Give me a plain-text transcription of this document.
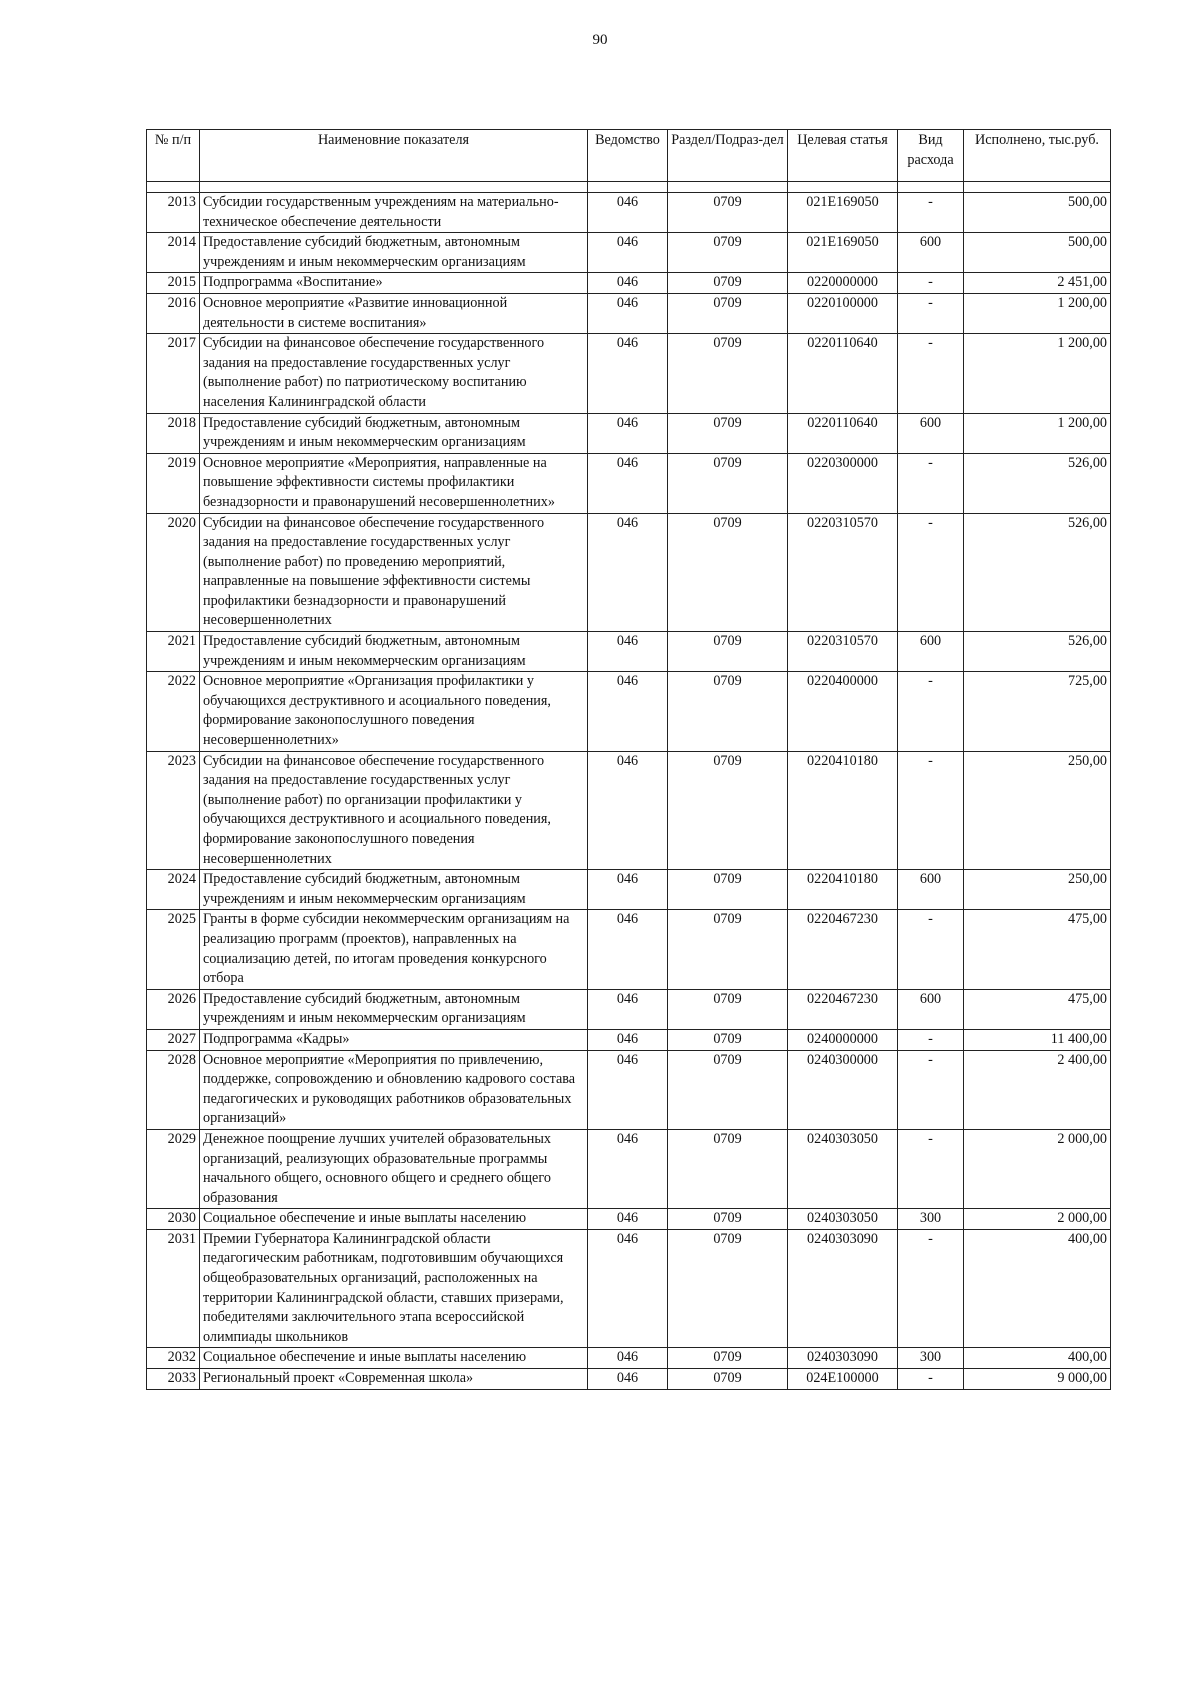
90
№ п/п	Наименовние показателя	Ведомство	Раздел/Подраз-дел	Целевая статья	Вид расхода	Исполнено, тыс.руб.

2013	Субсидии государственным учреждениям на материально-техническое обеспечение деятельности	046	0709	021E169050	-	500,00
2014	Предоставление субсидий бюджетным, автономным учреждениям и иным некоммерческим организациям	046	0709	021E169050	600	500,00
2015	Подпрограмма «Воспитание»	046	0709	0220000000	-	2 451,00
2016	Основное мероприятие «Развитие инновационной деятельности в системе воспитания»	046	0709	0220100000	-	1 200,00
2017	Субсидии на финансовое обеспечение государственного задания на предоставление государственных услуг (выполнение работ) по патриотическому воспитанию населения Калининградской области	046	0709	0220110640	-	1 200,00
2018	Предоставление субсидий бюджетным, автономным учреждениям и иным некоммерческим организациям	046	0709	0220110640	600	1 200,00
2019	Основное мероприятие «Мероприятия, направленные на повышение эффективности системы профилактики безнадзорности и правонарушений несовершеннолетних»	046	0709	0220300000	-	526,00
2020	Субсидии на финансовое обеспечение государственного задания на предоставление государственных услуг (выполнение работ) по проведению мероприятий, направленные на повышение эффективности системы профилактики безнадзорности и правонарушений несовершеннолетних	046	0709	0220310570	-	526,00
2021	Предоставление субсидий бюджетным, автономным учреждениям и иным некоммерческим организациям	046	0709	0220310570	600	526,00
2022	Основное мероприятие «Организация профилактики у обучающихся деструктивного и асоциального поведения, формирование законопослушного поведения несовершеннолетних»	046	0709	0220400000	-	725,00
2023	Субсидии на финансовое обеспечение государственного задания на предоставление государственных услуг (выполнение работ) по организации профилактики у обучающихся деструктивного и асоциального поведения, формирование законопослушного поведения несовершеннолетних	046	0709	0220410180	-	250,00
2024	Предоставление субсидий бюджетным, автономным учреждениям и иным некоммерческим организациям	046	0709	0220410180	600	250,00
2025	Гранты в форме субсидии некоммерческим организациям на реализацию программ (проектов), направленных на социализацию детей, по итогам проведения конкурсного отбора	046	0709	0220467230	-	475,00
2026	Предоставление субсидий бюджетным, автономным учреждениям и иным некоммерческим организациям	046	0709	0220467230	600	475,00
2027	Подпрограмма «Кадры»	046	0709	0240000000	-	11 400,00
2028	Основное мероприятие «Мероприятия по привлечению, поддержке, сопровождению и обновлению кадрового состава педагогических и руководящих работников образовательных организаций»	046	0709	0240300000	-	2 400,00
2029	Денежное поощрение лучших учителей образовательных организаций, реализующих образовательные программы начального общего, основного общего и среднего общего образования	046	0709	0240303050	-	2 000,00
2030	Социальное обеспечение и иные выплаты населению	046	0709	0240303050	300	2 000,00
2031	Премии Губернатора Калининградской области педагогическим работникам, подготовившим обучающихся общеобразовательных организаций, расположенных на территории Калининградской области, ставших призерами, победителями заключительного этапа всероссийской олимпиады школьников	046	0709	0240303090	-	400,00
2032	Социальное обеспечение и иные выплаты населению	046	0709	0240303090	300	400,00
2033	Региональный проект «Современная школа»	046	0709	024E100000	-	9 000,00
